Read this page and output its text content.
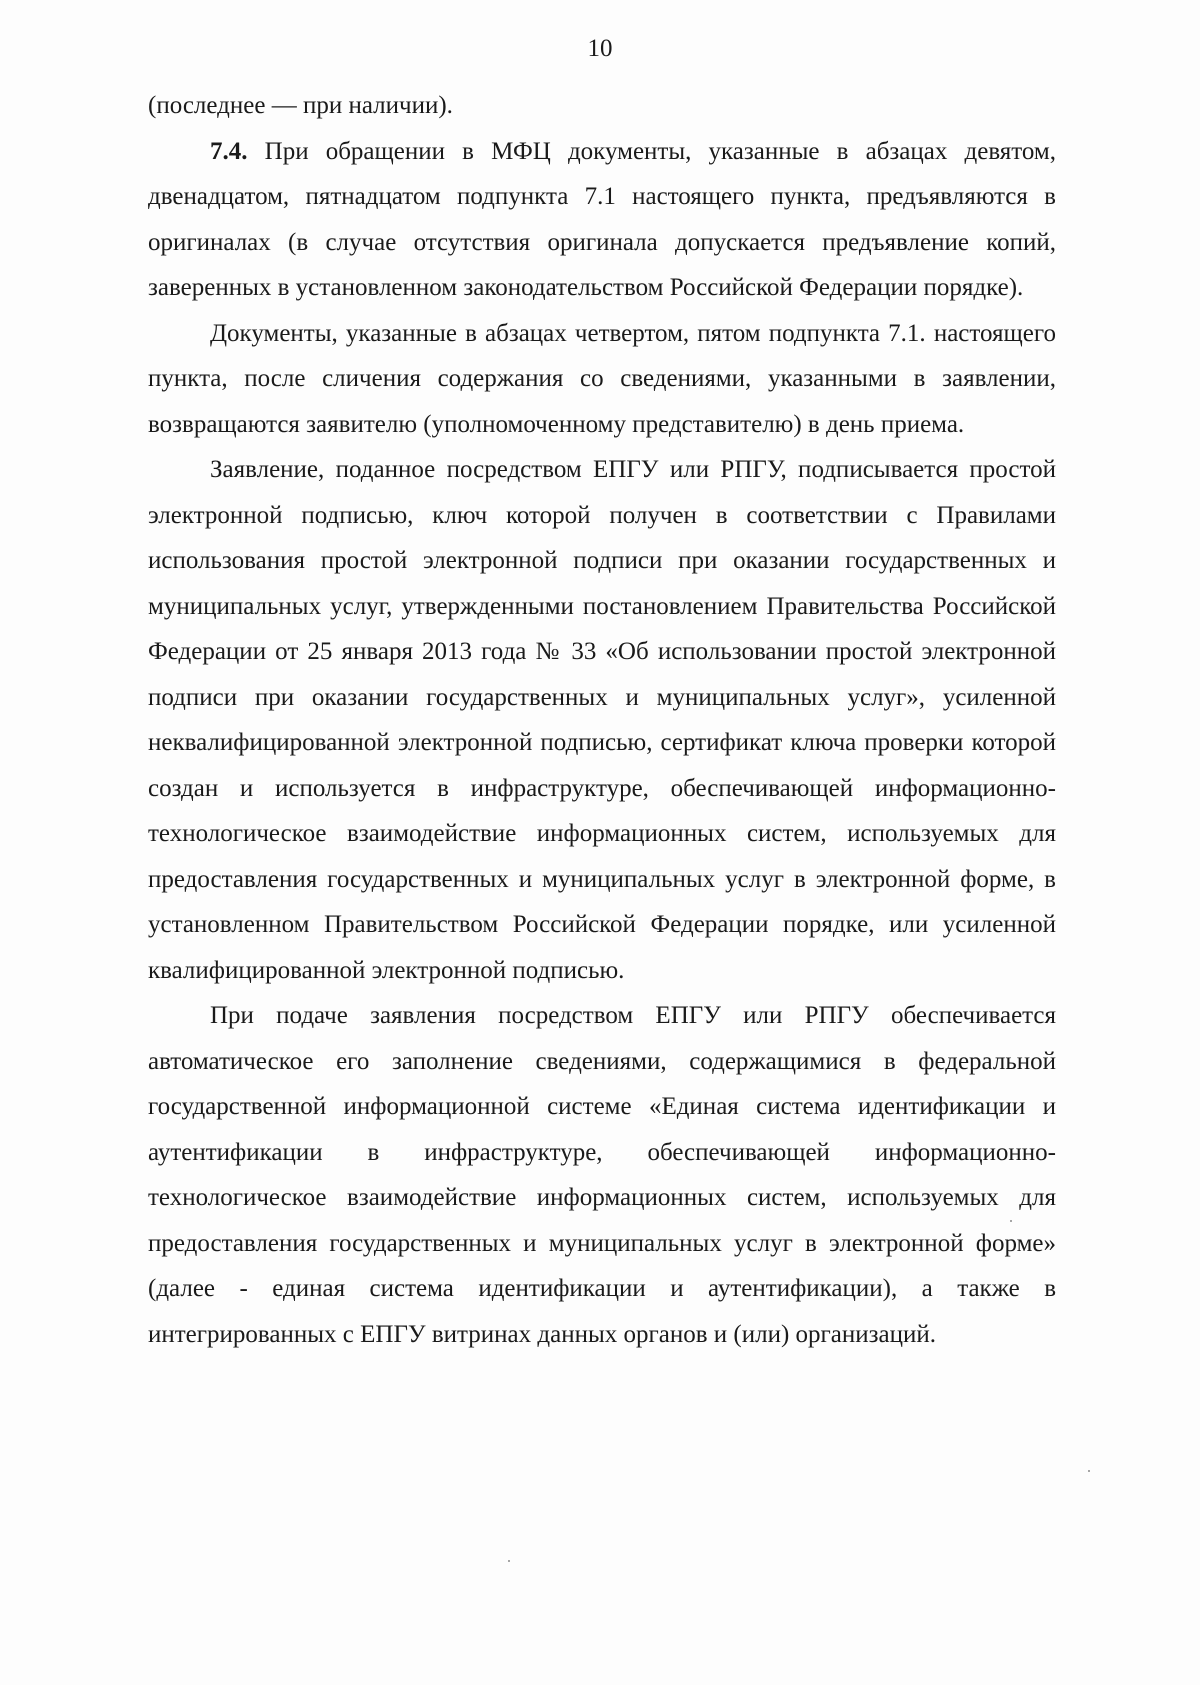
10

(последнее — при наличии).

7.4. При обращении в МФЦ документы, указанные в абзацах девятом, двенадцатом, пятнадцатом подпункта 7.1 настоящего пункта, предъявляются в оригиналах (в случае отсутствия оригинала допускается предъявление копий, заверенных в установленном законодательством Российской Федерации порядке).

Документы, указанные в абзацах четвертом, пятом подпункта 7.1. настоящего пункта, после сличения содержания со сведениями, указанными в заявлении, возвращаются заявителю (уполномоченному представителю) в день приема.

Заявление, поданное посредством ЕПГУ или РПГУ, подписывается простой электронной подписью, ключ которой получен в соответствии с Правилами использования простой электронной подписи при оказании государственных и муниципальных услуг, утвержденными постановлением Правительства Российской Федерации от 25 января 2013 года № 33 «Об использовании простой электронной подписи при оказании государственных и муниципальных услуг», усиленной неквалифицированной электронной подписью, сертификат ключа проверки которой создан и используется в инфраструктуре, обеспечивающей информационно-технологическое взаимодействие информационных систем, используемых для предоставления государственных и муниципальных услуг в электронной форме, в установленном Правительством Российской Федерации порядке, или усиленной квалифицированной электронной подписью.

При подаче заявления посредством ЕПГУ или РПГУ обеспечивается автоматическое его заполнение сведениями, содержащимися в федеральной государственной информационной системе «Единая система идентификации и аутентификации в инфраструктуре, обеспечивающей информационно-технологическое взаимодействие информационных систем, используемых для предоставления государственных и муниципальных услуг в электронной форме» (далее - единая система идентификации и аутентификации), а также в интегрированных с ЕПГУ витринах данных органов и (или) организаций.
